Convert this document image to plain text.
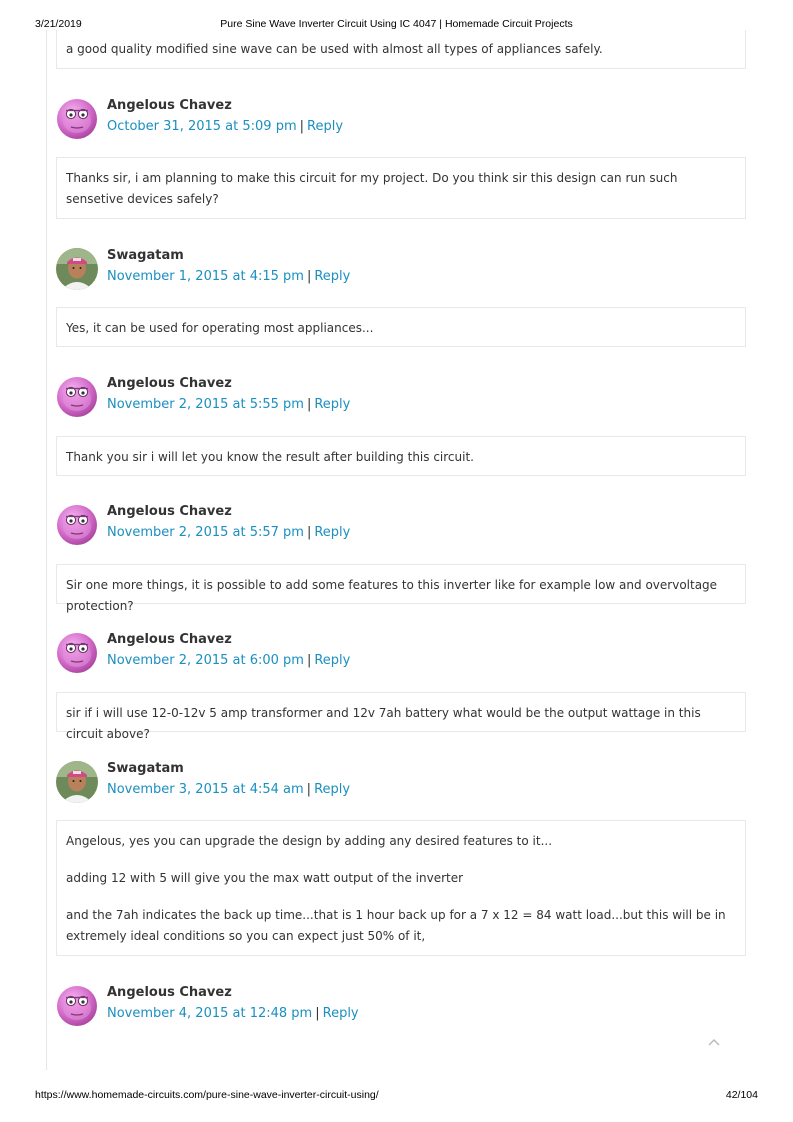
3/21/2019	Pure Sine Wave Inverter Circuit Using IC 4047 | Homemade Circuit Projects

a good quality modified sine wave can be used with almost all types of appliances safely.

Angelous Chavez
October 31, 2015 at 5:09 pm | Reply

Thanks sir, i am planning to make this circuit for my project. Do you think sir this design can run such sensetive devices safely?

Swagatam
November 1, 2015 at 4:15 pm | Reply

Yes, it can be used for operating most appliances...

Angelous Chavez
November 2, 2015 at 5:55 pm | Reply

Thank you sir i will let you know the result after building this circuit.

Angelous Chavez
November 2, 2015 at 5:57 pm | Reply

Sir one more things, it is possible to add some features to this inverter like for example low and overvoltage protection?

Angelous Chavez
November 2, 2015 at 6:00 pm | Reply

sir if i will use 12-0-12v 5 amp transformer and 12v 7ah battery what would be the output wattage in this circuit above?

Swagatam
November 3, 2015 at 4:54 am | Reply

Angelous, yes you can upgrade the design by adding any desired features to it...

adding 12 with 5 will give you the max watt output of the inverter

and the 7ah indicates the back up time...that is 1 hour back up for a 7 x 12 = 84 watt load...but this will be in extremely ideal conditions so you can expect just 50% of it,

Angelous Chavez
November 4, 2015 at 12:48 pm | Reply
https://www.homemade-circuits.com/pure-sine-wave-inverter-circuit-using/	42/104
